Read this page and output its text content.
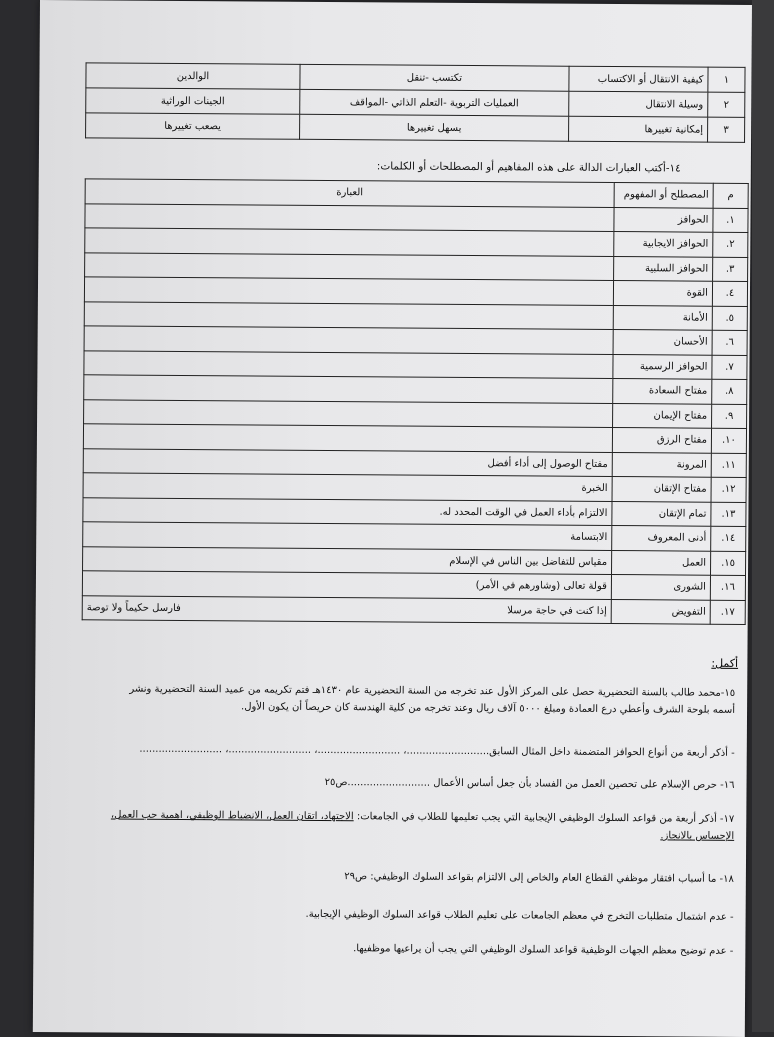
١	كيفية الانتقال أو الاكتساب	تكتسب -تنقل	الوالدين
٢	وسيلة الانتقال	العمليات التربوية -التعلم الذاتي -المواقف	الجينات الوراثية
٣	إمكانية تغييرها	يسهل تغييرها	يصعب تغييرها
١٤-أكتب العبارات الدالة على هذه المفاهيم أو المصطلحات أو الكلمات:
م	المصطلح أو المفهوم	العبارة
١.	الحوافز	

٢.	الحوافز الايجابية	

٣.	الحوافز السلبية	

٤.	القوة	

٥.	الأمانة	

٦.	الأحسان	

٧.	الحوافز الرسمية	

٨.	مفتاح السعادة	

٩.	مفتاح الإيمان	

١٠.	مفتاح الرزق	

١١.	المرونة	مفتاح الوصول إلى أداء أفضل

١٢.	مفتاح الإتقان	الخبرة

١٣.	تمام الإتقان	الالتزام بأداء العمل في الوقت المحدد له.

١٤.	أدنى المعروف	الابتسامة

١٥.	العمل	مقياس للتفاضل بين الناس في الإسلام

١٦.	الشورى	قولة تعالى (وشاورهم في الأمر)

١٧.	التفويض	إذا كنت في حاجة مرسلا
فارسل حكيماً ولا توصة
أكمل:
١٥-محمد طالب بالسنة التحضيرية حصل على المركز الأول عند تخرجه من السنة التحضيرية عام ١٤٣٠هـ فتم تكريمه من عميد السنة التحضيرية ونشر أسمه بلوحة الشرف وأعطي درع العمادة ومبلغ ٥٠٠٠ آلاف ريال وعند تخرجه من كلية الهندسة كان حريصاً أن يكون الأول.
- أذكر أربعة من أنواع الحوافز المتضمنة داخل المثال السابق..........................، ..........................، ..........................، ..........................
١٦- حرص الإسلام على تحصين العمل من الفساد بأن جعل أساس الأعمال ..........................ص٢٥
١٧- أذكر أربعة من قواعد السلوك الوظيفي الإيجابية التي يجب تعليمها للطلاب في الجامعات: الاجتهاد، اتقان العمل، الانضباط الوظيفي، اهمية حب العمل، الإحساس بالانجاز.
١٨- ما أسباب افتقار موظفي القطاع العام والخاص إلى الالتزام بقواعد السلوك الوظيفي: ص٢٩
- عدم اشتمال متطلبات التخرج في معظم الجامعات على تعليم الطلاب قواعد السلوك الوظيفي الإيجابية.
- عدم توضيح معظم الجهات الوظيفية قواعد السلوك الوظيفي التي يجب أن يراعيها موظفيها.
